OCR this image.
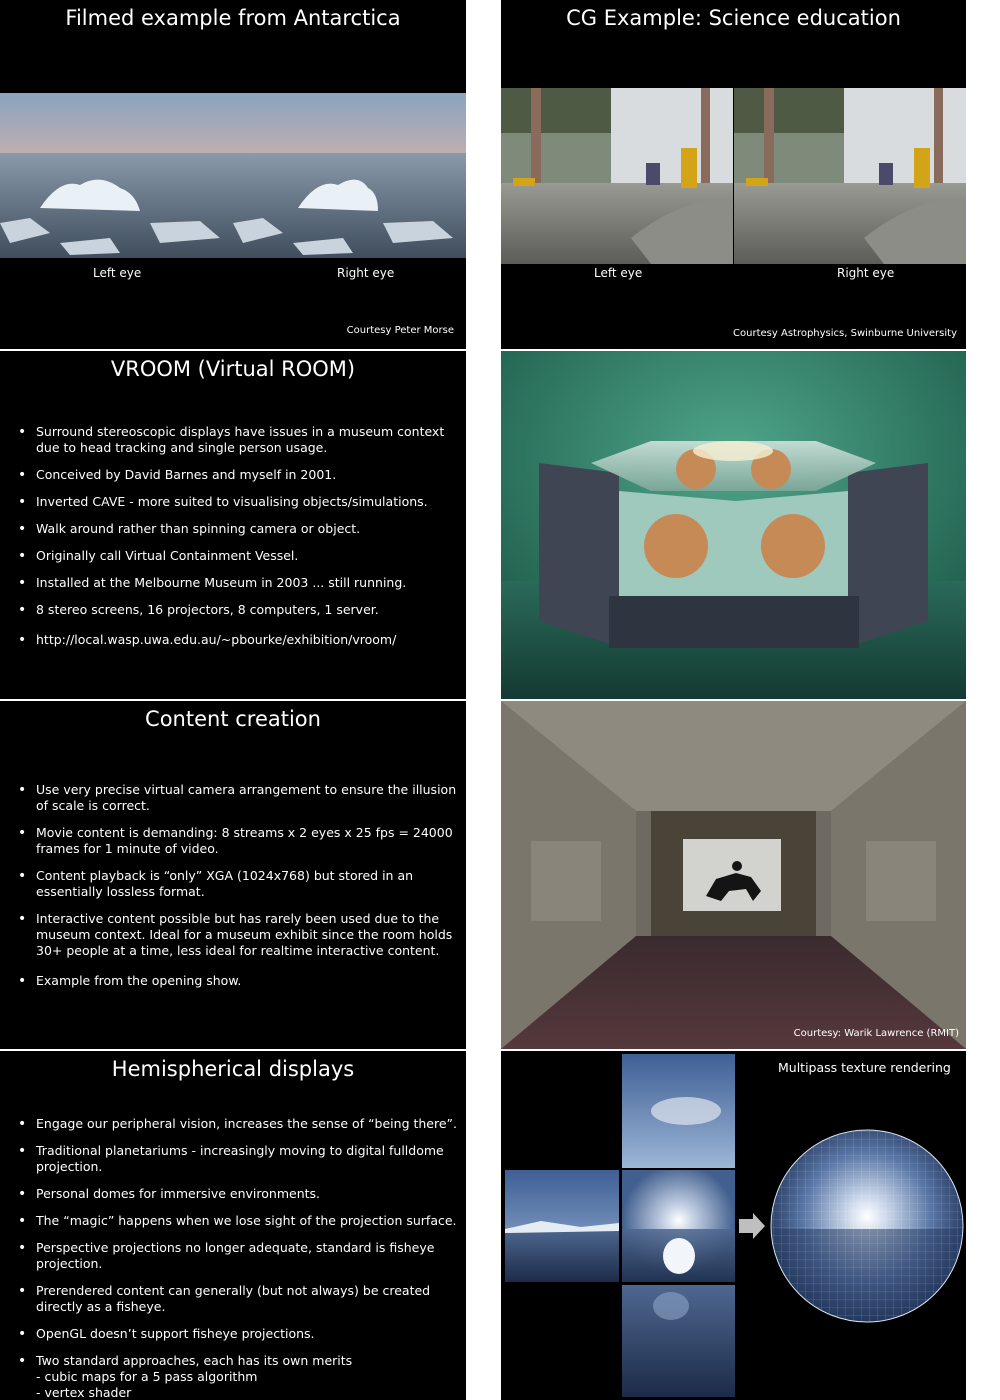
Filmed example from Antarctica
Left eye	Right eye
Courtesy Peter Morse
CG Example: Science education
Left eye	Right eye
Courtesy Astrophysics, Swinburne University
VROOM (Virtual ROOM)
• Surround stereoscopic displays have issues in a museum context due to head tracking and single person usage.
• Conceived by David Barnes and myself in 2001.
• Inverted CAVE - more suited to visualising objects/simulations.
• Walk around rather than spinning camera or object.
• Originally call Virtual Containment Vessel.
• Installed at the Melbourne Museum in 2003 ... still running.
• 8 stereo screens, 16 projectors, 8 computers, 1 server.
• http://local.wasp.uwa.edu.au/~pbourke/exhibition/vroom/
Content creation
• Use very precise virtual camera arrangement to ensure the illusion of scale is correct.
• Movie content is demanding: 8 streams x 2 eyes x 25 fps = 24000 frames for 1 minute of video.
• Content playback is “only” XGA (1024x768) but stored in an essentially lossless format.
• Interactive content possible but has rarely been used due to the museum context. Ideal for a museum exhibit since the room holds 30+ people at a time, less ideal for realtime interactive content.
• Example from the opening show.
Courtesy: Warik Lawrence (RMIT)
Hemispherical displays
• Engage our peripheral vision, increases the sense of “being there”.
• Traditional planetariums - increasingly moving to digital fulldome projection.
• Personal domes for immersive environments.
• The “magic” happens when we lose sight of the projection surface.
• Perspective projections no longer adequate, standard is fisheye projection.
• Prerendered content can generally (but not always) be created directly as a fisheye.
• OpenGL doesn’t support fisheye projections.
• Two standard approaches, each has its own merits
- cubic maps for a 5 pass algorithm
- vertex shader
Multipass texture rendering
